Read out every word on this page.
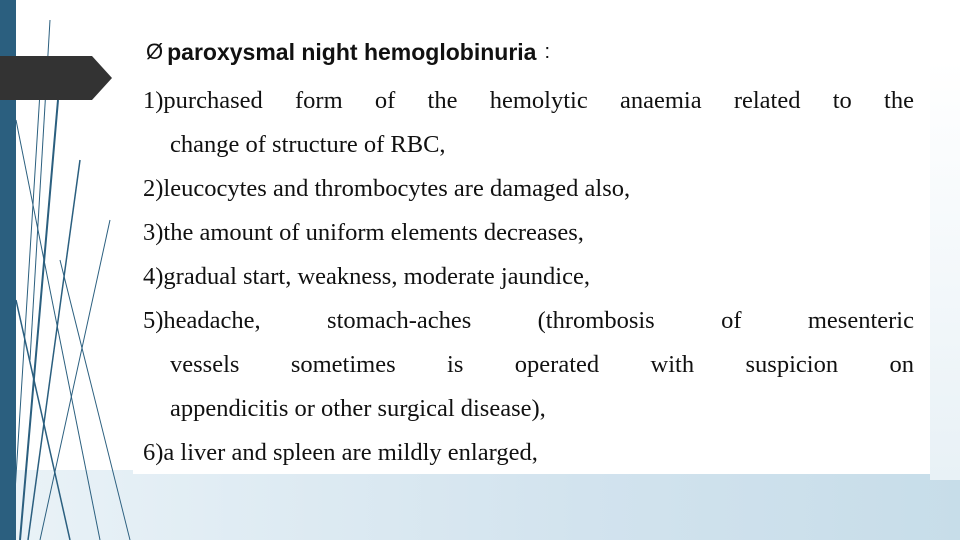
Ø paroxysmal night hemoglobinuria :
1)purchased form of the hemolytic anaemia related to the
change of structure of RBC,
2)leucocytes and thrombocytes are damaged also,
3)the amount of uniform elements decreases,
4)gradual start, weakness, moderate jaundice,
5)headache, stomach-aches (thrombosis of mesenteric
vessels sometimes is operated with suspicion on
appendicitis or other surgical disease),
6)a liver and spleen are mildly enlarged,
